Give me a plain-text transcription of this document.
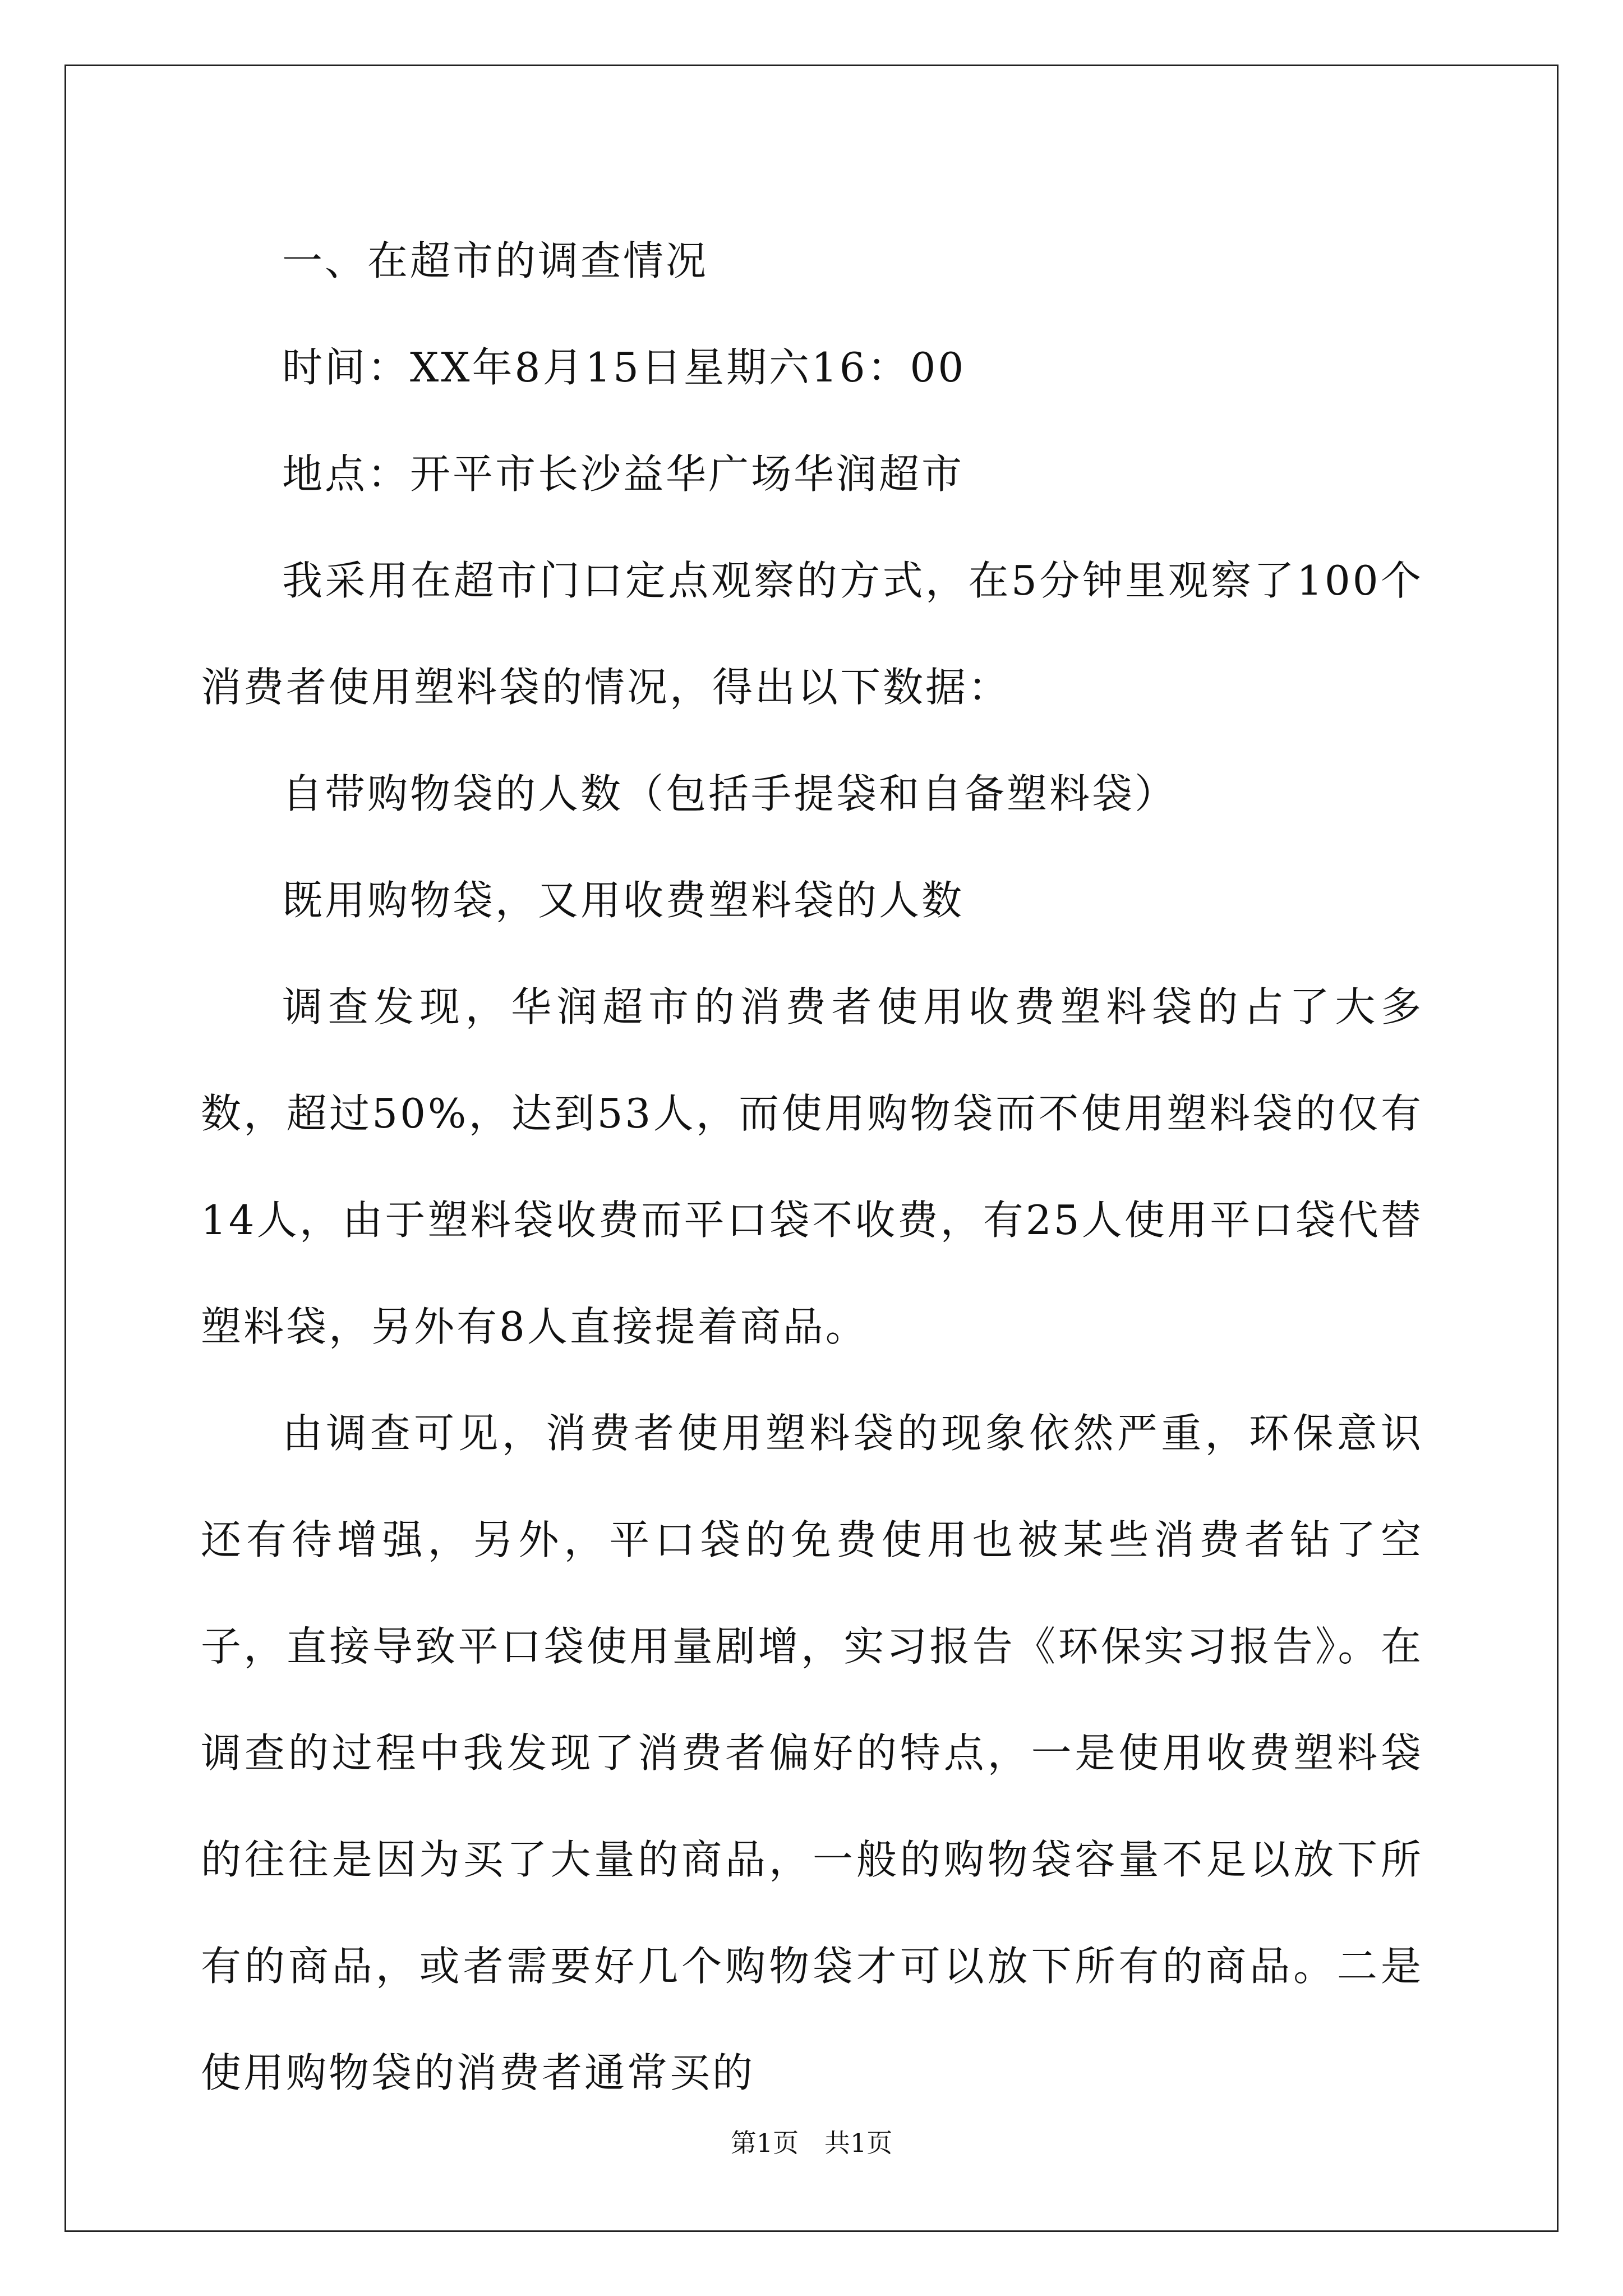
一、在超市的调查情况

时间：XX年8月15日星期六16：00

地点：开平市长沙益华广场华润超市

我采用在超市门口定点观察的方式，在5分钟里观察了100个消费者使用塑料袋的情况，得出以下数据：

自带购物袋的人数（包括手提袋和自备塑料袋）

既用购物袋，又用收费塑料袋的人数

调查发现，华润超市的消费者使用收费塑料袋的占了大多数，超过50%，达到53人，而使用购物袋而不使用塑料袋的仅有14人，由于塑料袋收费而平口袋不收费，有25人使用平口袋代替塑料袋，另外有8人直接提着商品。

由调查可见，消费者使用塑料袋的现象依然严重，环保意识还有待增强，另外，平口袋的免费使用也被某些消费者钻了空子，直接导致平口袋使用量剧增，实习报告《环保实习报告》。在调查的过程中我发现了消费者偏好的特点，一是使用收费塑料袋的往往是因为买了大量的商品，一般的购物袋容量不足以放下所有的商品，或者需要好几个购物袋才可以放下所有的商品。二是使用购物袋的消费者通常买的

第1页　共1页
